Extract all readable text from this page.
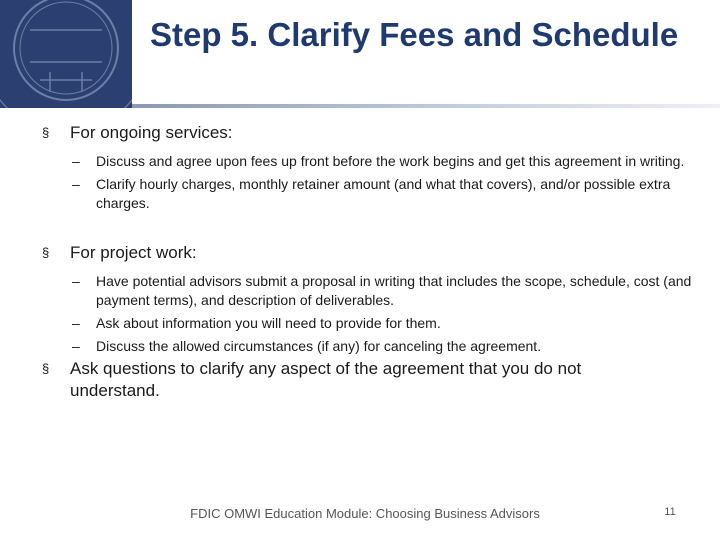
Step 5. Clarify Fees and Schedule
§	For ongoing services:
–	Discuss and agree upon fees up front before the work begins and get this agreement in writing.
–	Clarify hourly charges, monthly retainer amount (and what that covers), and/or possible extra charges.
§	For project work:
–	Have potential advisors submit a proposal in writing that includes the scope, schedule, cost (and payment terms), and description of deliverables.
–	Ask about information you will need to provide for them.
–	Discuss the allowed circumstances (if any) for canceling the agreement.
§	Ask questions to clarify any aspect of the agreement that you do not understand.
FDIC OMWI Education Module: Choosing Business Advisors	11
